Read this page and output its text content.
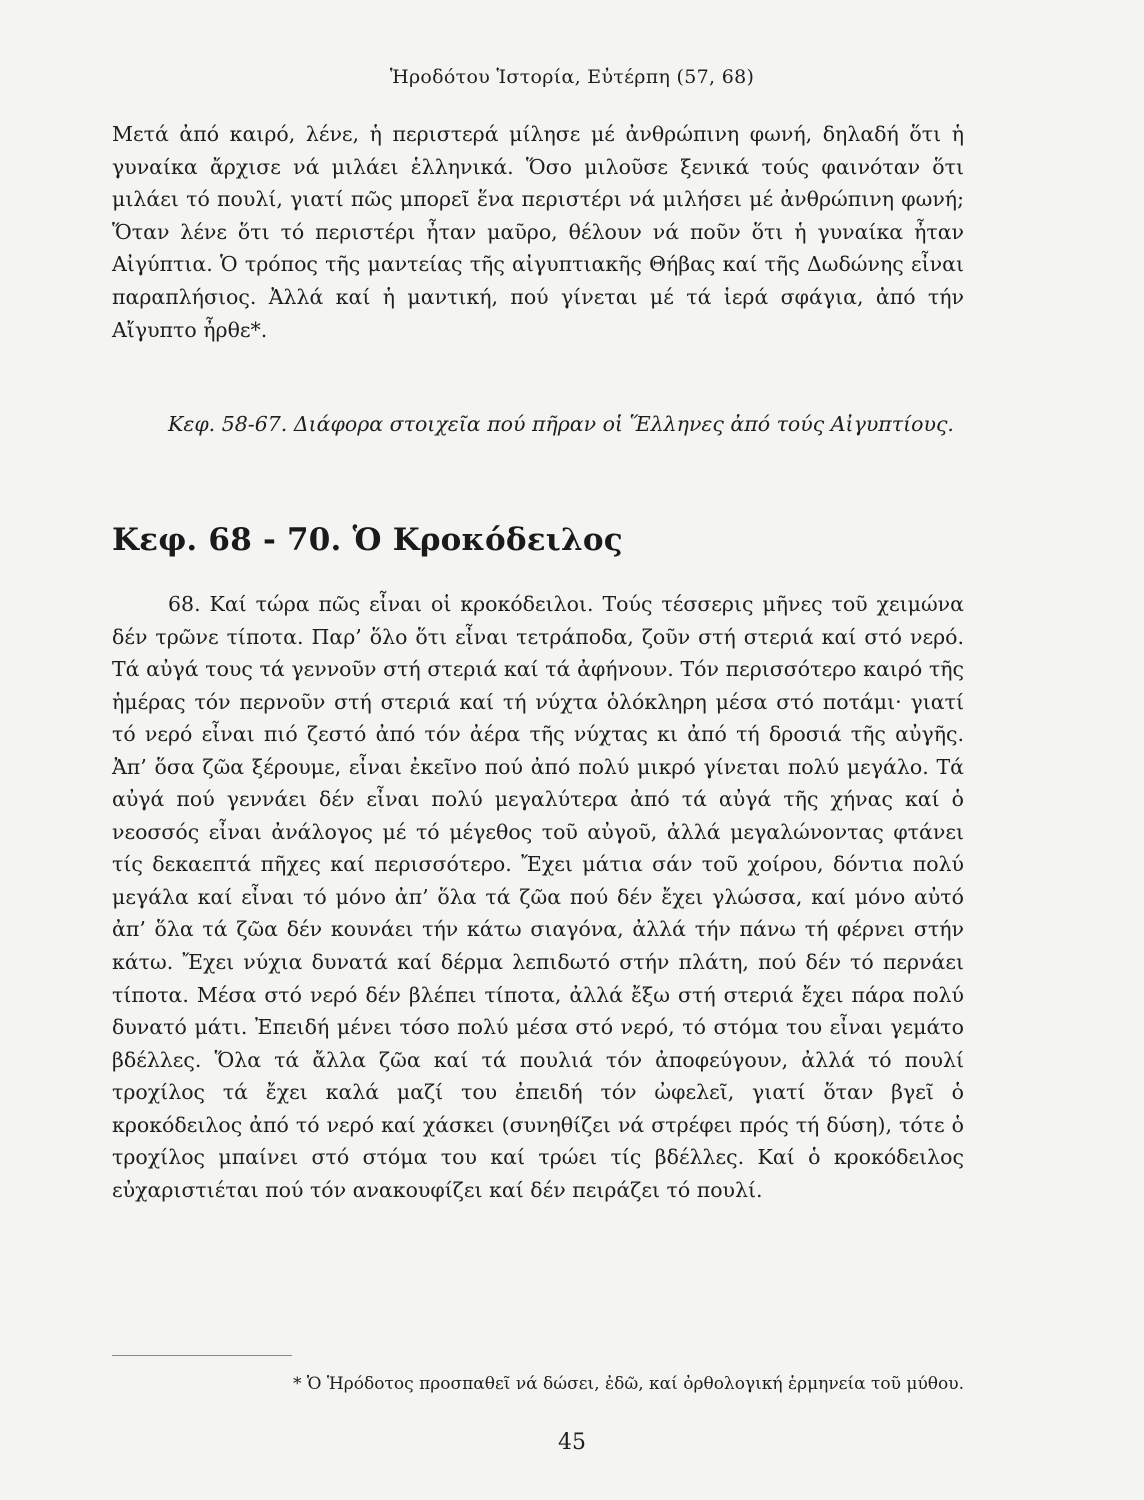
Ἡροδότου Ἱστορία, Εὐτέρπη (57, 68)
Μετά ἀπό καιρό, λένε, ἡ περιστερά μίλησε μέ ἀνθρώπινη φωνή, δηλαδή ὅτι ἡ γυναίκα ἄρχισε νά μιλάει ἑλληνικά. Ὅσο μιλοῦσε ξενικά τούς φαινόταν ὅτι μιλάει τό πουλί, γιατί πῶς μπορεῖ ἕνα περιστέρι νά μιλήσει μέ ἀνθρώπινη φωνή; Ὅταν λένε ὅτι τό περιστέρι ἦταν μαῦρο, θέλουν νά ποῦν ὅτι ἡ γυναίκα ἦταν Αἰγύπτια. Ὁ τρόπος τῆς μαντείας τῆς αἰγυπτιακῆς Θήβας καί τῆς Δωδώνης εἶναι παραπλήσιος. Ἀλλά καί ἡ μαντική, πού γίνεται μέ τά ἱερά σφάγια, ἀπό τήν Αἴγυπτο ἦρθε*.
Κεφ. 58-67. Διάφορα στοιχεῖα πού πῆραν οἱ Ἕλληνες ἀπό τούς Αἰγυπτίους.
Κεφ. 68 - 70. Ὁ Κροκόδειλος
68. Καί τώρα πῶς εἶναι οἱ κροκόδειλοι. Τούς τέσσερις μῆνες τοῦ χειμώνα δέν τρῶνε τίποτα. Παρ’ ὅλο ὅτι εἶναι τετράποδα, ζοῦν στή στεριά καί στό νερό. Τά αὐγά τους τά γεννοῦν στή στεριά καί τά ἀφήνουν. Τόν περισσότερο καιρό τῆς ἡμέρας τόν περνοῦν στή στεριά καί τή νύχτα ὁλόκληρη μέσα στό ποτάμι· γιατί τό νερό εἶναι πιό ζεστό ἀπό τόν ἀέρα τῆς νύχτας κι ἀπό τή δροσιά τῆς αὐγῆς. Ἀπ’ ὅσα ζῶα ξέρουμε, εἶναι ἐκεῖνο πού ἀπό πολύ μικρό γίνεται πολύ μεγάλο. Τά αὐγά πού γεννάει δέν εἶναι πολύ μεγαλύτερα ἀπό τά αὐγά τῆς χήνας καί ὁ νεοσσός εἶναι ἀνάλογος μέ τό μέγεθος τοῦ αὐγοῦ, ἀλλά μεγαλώνοντας φτάνει τίς δεκαεπτά πῆχες καί περισσότερο. Ἔχει μάτια σάν τοῦ χοίρου, δόντια πολύ μεγάλα καί εἶναι τό μόνο ἀπ’ ὅλα τά ζῶα πού δέν ἔχει γλώσσα, καί μόνο αὐτό ἀπ’ ὅλα τά ζῶα δέν κουνάει τήν κάτω σιαγόνα, ἀλλά τήν πάνω τή φέρνει στήν κάτω. Ἔχει νύχια δυνατά καί δέρμα λεπιδωτό στήν πλάτη, πού δέν τό περνάει τίποτα. Μέσα στό νερό δέν βλέπει τίποτα, ἀλλά ἔξω στή στεριά ἔχει πάρα πολύ δυνατό μάτι. Ἐπειδή μένει τόσο πολύ μέσα στό νερό, τό στόμα του εἶναι γεμάτο βδέλλες. Ὅλα τά ἄλλα ζῶα καί τά πουλιά τόν ἀποφεύγουν, ἀλλά τό πουλί τροχίλος τά ἔχει καλά μαζί του ἐπειδή τόν ὠφελεῖ, γιατί ὅταν βγεῖ ὁ κροκόδειλος ἀπό τό νερό καί χάσκει (συνηθίζει νά στρέφει πρός τή δύση), τότε ὁ τροχίλος μπαίνει στό στόμα του καί τρώει τίς βδέλλες. Καί ὁ κροκόδειλος εὐχαριστιέται πού τόν ανακουφίζει καί δέν πειράζει τό πουλί.
* Ὁ Ἡρόδοτος προσπαθεῖ νά δώσει, ἐδῶ, καί ὀρθολογική ἑρμηνεία τοῦ μύθου.
45
